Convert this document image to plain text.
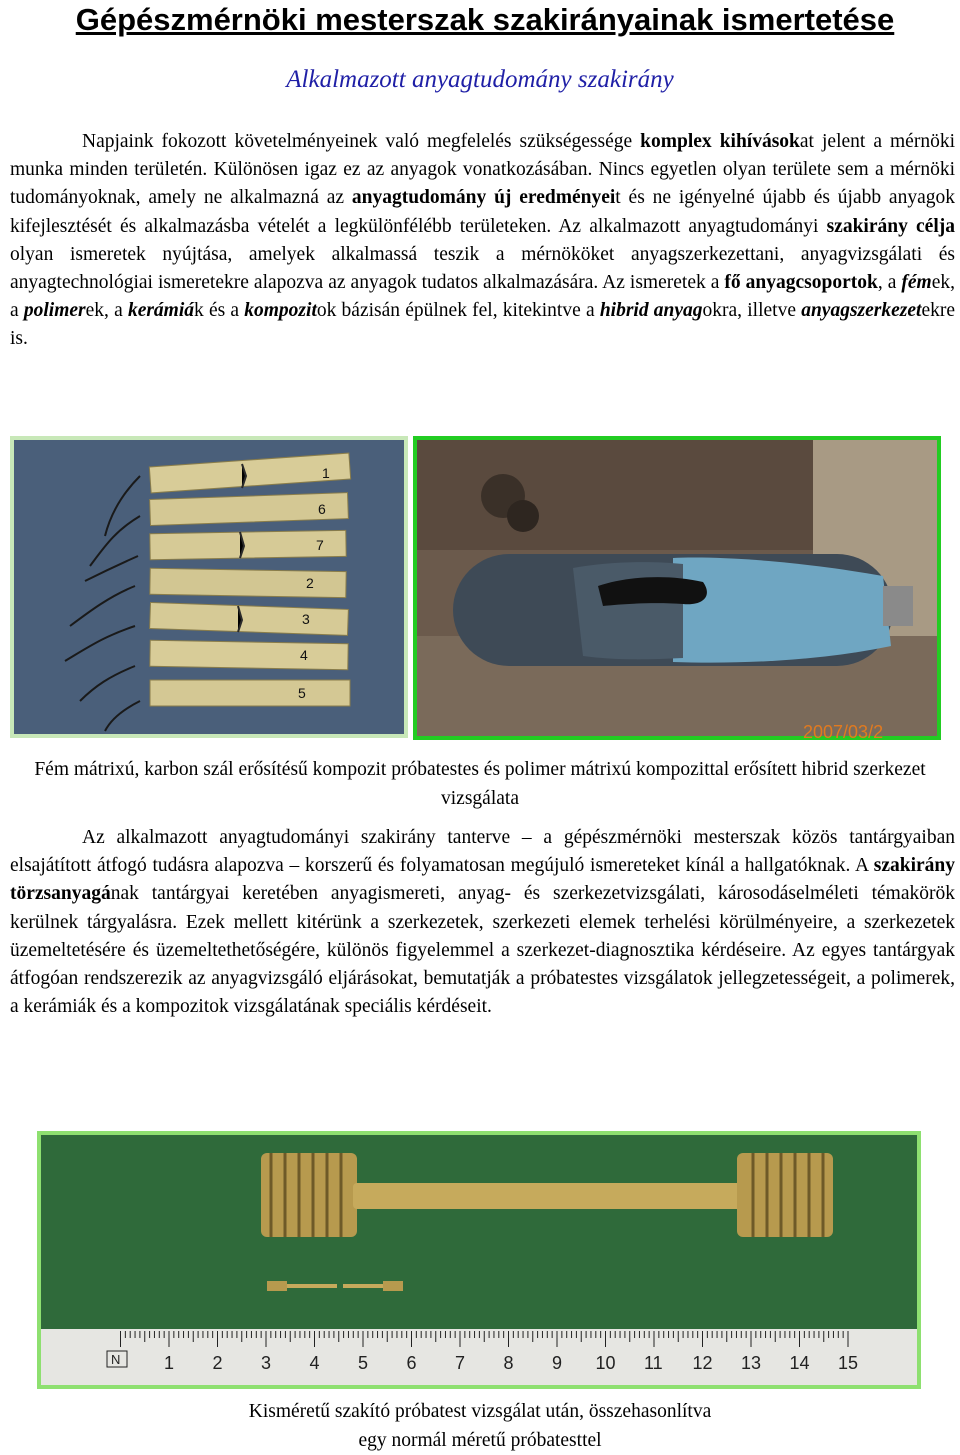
Gépészmérnöki mesterszak szakirányainak ismertetése
Alkalmazott anyagtudomány szakirány
Napjaink fokozott követelményeinek való megfelelés szükségessége komplex kihívásokat jelent a mérnöki munka minden területén. Különösen igaz ez az anyagok vonatkozásában. Nincs egyetlen olyan területe sem a mérnöki tudományoknak, amely ne alkalmazná az anyagtudomány új eredményeit és ne igényelné újabb és újabb anyagok kifejlesztését és alkalmazásba vételét a legkülönfélébb területeken. Az alkalmazott anyagtudományi szakirány célja olyan ismeretek nyújtása, amelyek alkalmassá teszik a mérnököket anyagszerkezettani, anyagvizsgálati és anyagtechnológiai ismeretekre alapozva az anyagok tudatos alkalmazására. Az ismeretek a fő anyagcsoportok, a fémek, a polimerek, a kerámiák és a kompozitok bázisán épülnek fel, kitekintve a hibrid anyagokra, illetve anyagszerkezetekre is.
1
6
7
2
3
4
5
2007/03/2
Fém mátrixú, karbon szál erősítésű kompozit próbatestes és polimer mátrixú kompozittal erősített hibrid szerkezet vizsgálata
Az alkalmazott anyagtudományi szakirány tanterve – a gépészmérnöki mesterszak közös tantárgyaiban elsajátított átfogó tudásra alapozva – korszerű és folyamatosan megújuló ismereteket kínál a hallgatóknak. A szakirány törzsanyagának tantárgyai keretében anyagismereti, anyag- és szerkezetvizsgálati, károsodáselméleti témakörök kerülnek tárgyalásra. Ezek mellett kitérünk a szerkezetek, szerkezeti elemek terhelési körülményeire, a szerkezetek üzemeltetésére és üzemeltethetőségére, különös figyelemmel a szerkezet-diagnosztika kérdéseire. Az egyes tantárgyak átfogóan rendszerezik az anyagvizsgáló eljárásokat, bemutatják a próbatestes vizsgálatok jellegzetességeit, a polimerek, a kerámiák és a kompozitok vizsgálatának speciális kérdéseit.
1 2 3 4 5 6 7 8 9 10 11 12 13 14 15
N
Kisméretű szakító próbatest vizsgálat után, összehasonlítva
egy normál méretű próbatesttel
